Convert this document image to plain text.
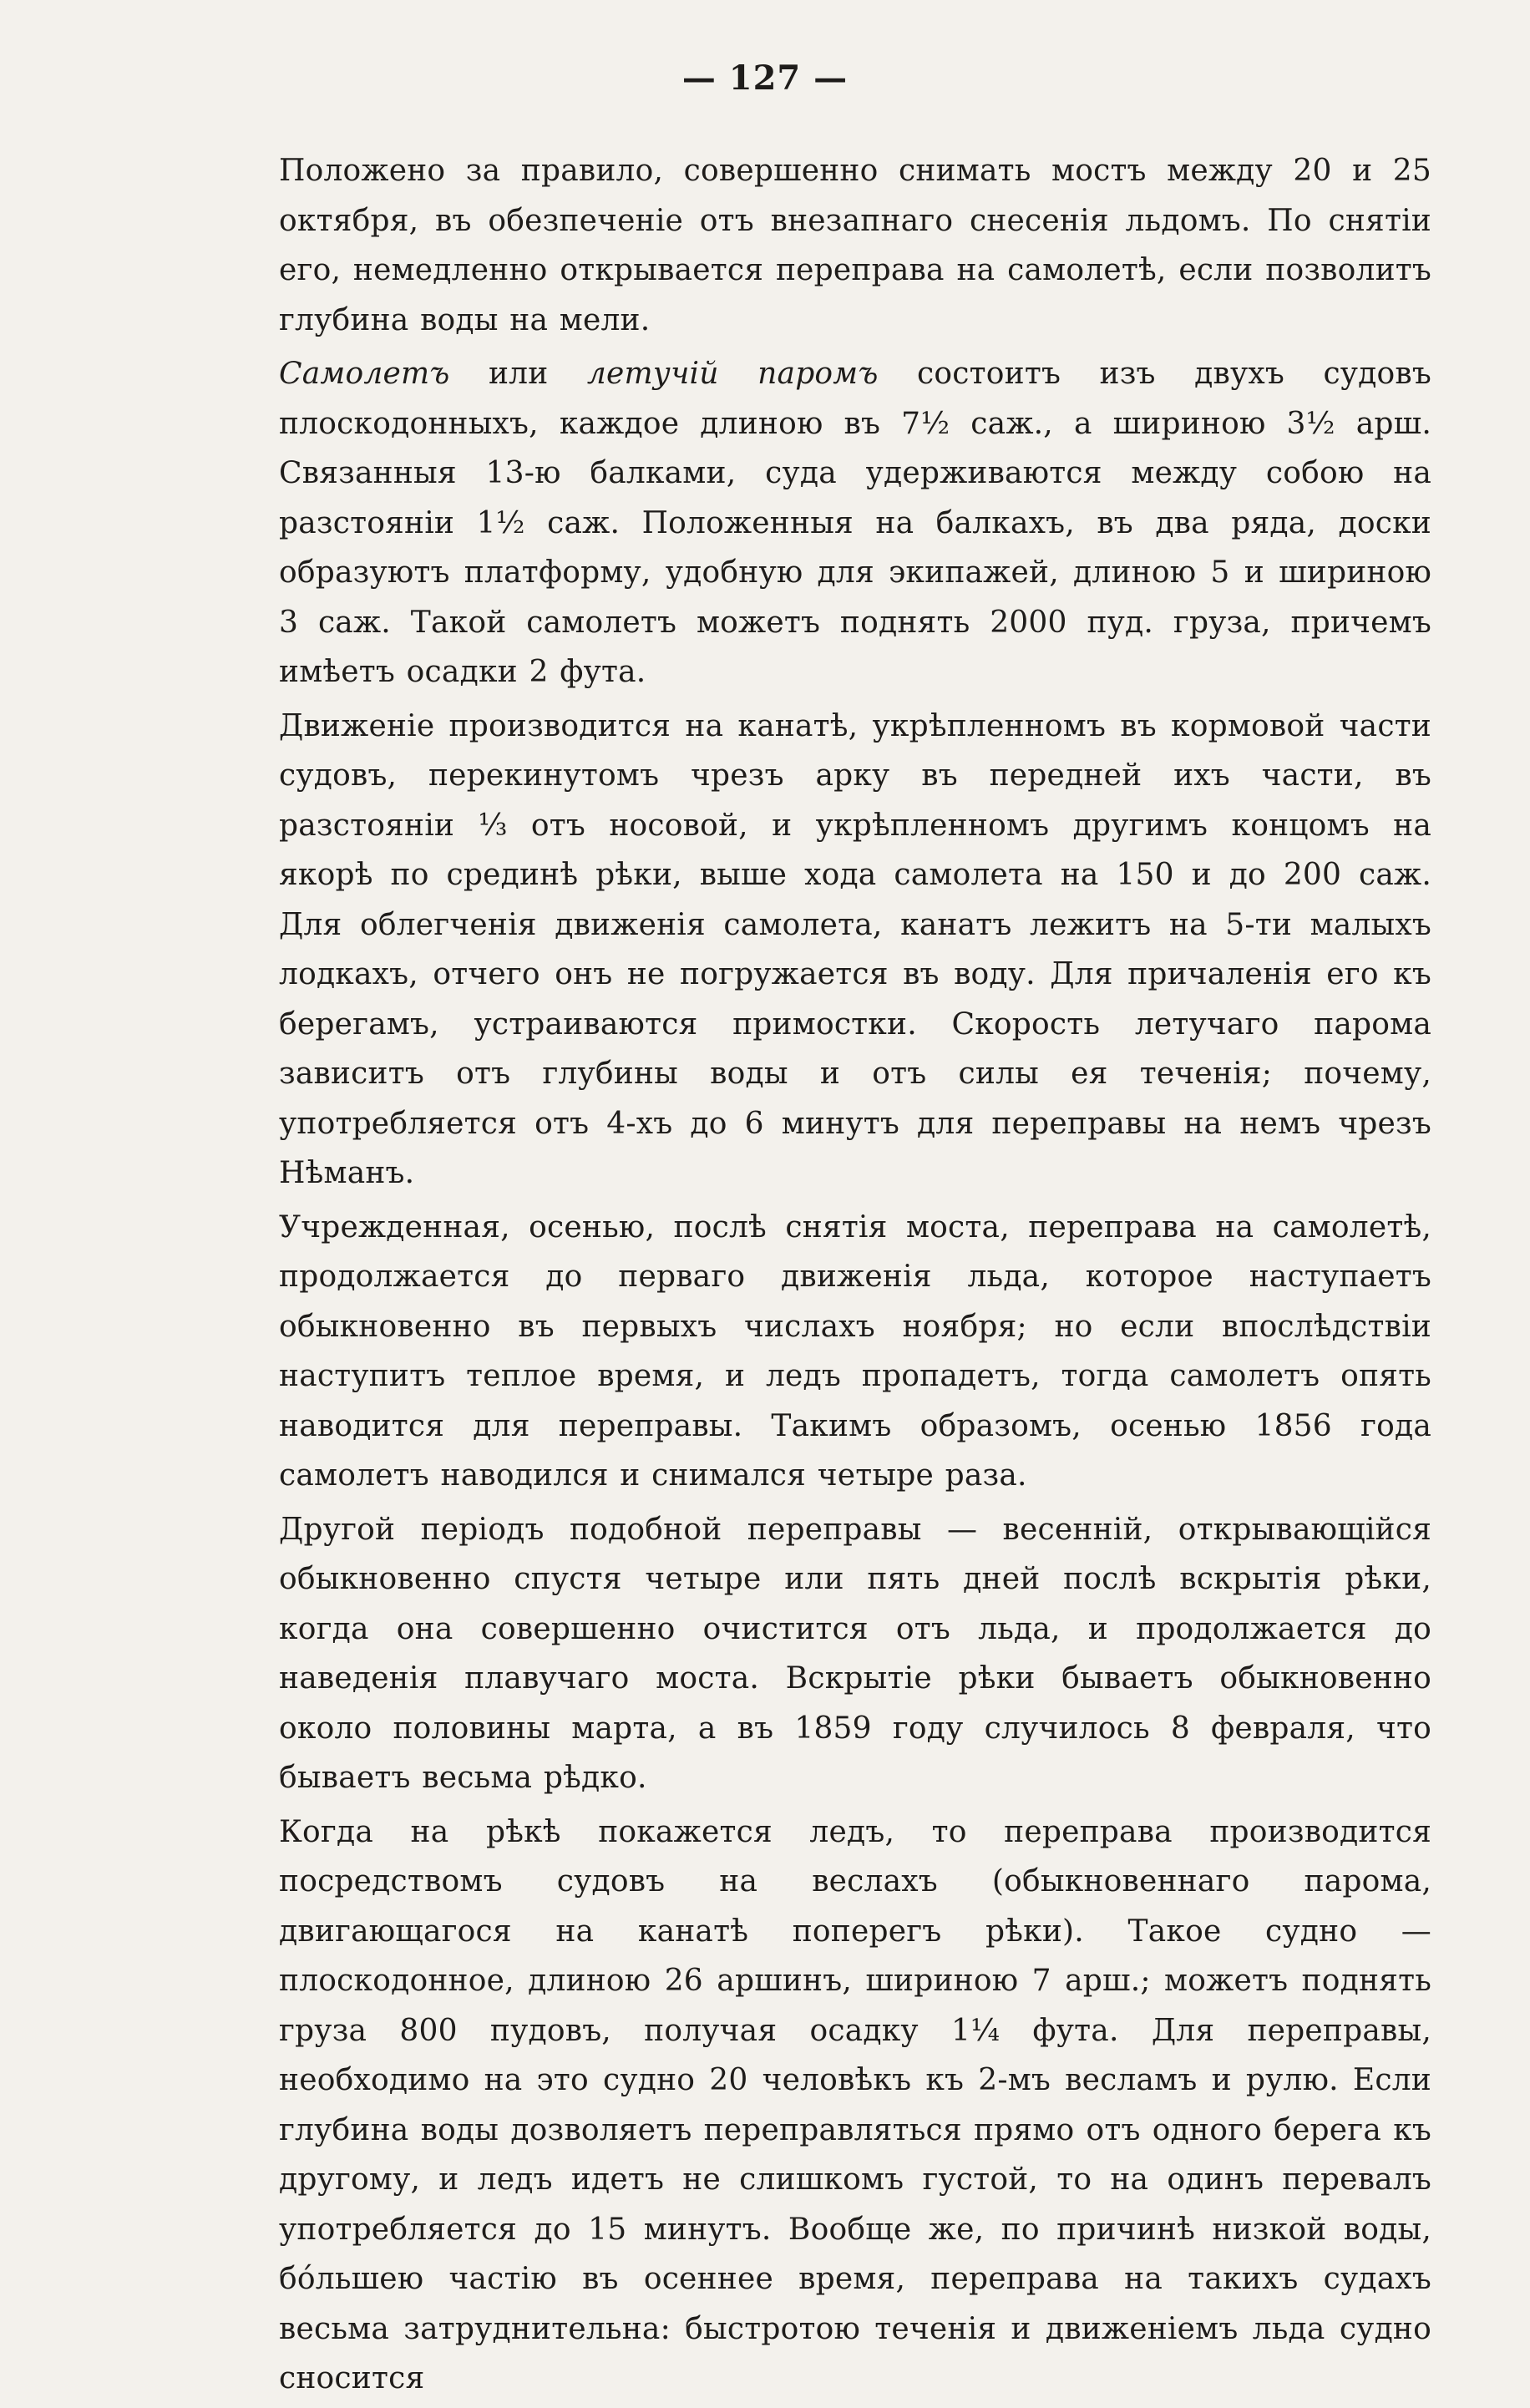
— 127 —

Положено за правило, совершенно снимать мостъ между 20 и 25 октября, въ обезпеченіе отъ внезапнаго снесенія льдомъ. По снятіи его, немедленно открывается переправа на самолетѣ, если позволитъ глубина воды на мели.

Самолетъ или летучій паромъ состоитъ изъ двухъ судовъ плоскодонныхъ, каждое длиною въ 7½ саж., а шириною 3½ арш. Связанныя 13-ю балками, суда удерживаются между собою на разстояніи 1½ саж. Положенныя на балкахъ, въ два ряда, доски образуютъ платформу, удобную для экипажей, длиною 5 и шириною 3 саж. Такой самолетъ можетъ поднять 2000 пуд. груза, причемъ имѣетъ осадки 2 фута.

Движеніе производится на канатѣ, укрѣпленномъ въ кормовой части судовъ, перекинутомъ чрезъ арку въ передней ихъ части, въ разстояніи ⅓ отъ носовой, и укрѣпленномъ другимъ концомъ на якорѣ по срединѣ рѣки, выше хода самолета на 150 и до 200 саж. Для облегченія движенія самолета, канатъ лежитъ на 5-ти малыхъ лодкахъ, отчего онъ не погружается въ воду. Для причаленія его къ берегамъ, устраиваются примостки. Скорость летучаго парома зависитъ отъ глубины воды и отъ силы ея теченія; почему, употребляется отъ 4-хъ до 6 минутъ для переправы на немъ чрезъ Нѣманъ.

Учрежденная, осенью, послѣ снятія моста, переправа на самолетѣ, продолжается до перваго движенія льда, которое наступаетъ обыкновенно въ первыхъ числахъ ноября; но если впослѣдствіи наступитъ теплое время, и ледъ пропадетъ, тогда самолетъ опять наводится для переправы. Такимъ образомъ, осенью 1856 года самолетъ наводился и снимался четыре раза.

Другой періодъ подобной переправы — весенній, открывающійся обыкновенно спустя четыре или пять дней послѣ вскрытія рѣки, когда она совершенно очистится отъ льда, и продолжается до наведенія плавучаго моста. Вскрытіе рѣки бываетъ обыкновенно около половины марта, а въ 1859 году случилось 8 февраля, что бываетъ весьма рѣдко.

Когда на рѣкѣ покажется ледъ, то переправа производится посредствомъ судовъ на веслахъ (обыкновеннаго парома, двигающагося на канатѣ поперегъ рѣки). Такое судно — плоскодонное, длиною 26 аршинъ, шириною 7 арш.; можетъ поднять груза 800 пудовъ, получая осадку 1¼ фута. Для переправы, необходимо на это судно 20 человѣкъ къ 2-мъ весламъ и рулю. Если глубина воды дозволяетъ переправляться прямо отъ одного берега къ другому, и ледъ идетъ не слишкомъ густой, то на одинъ перевалъ употребляется до 15 минутъ. Вообще же, по причинѣ низкой воды, бóльшею частію въ осеннее время, переправа на такихъ судахъ весьма затруднительна: быстротою теченія и движеніемъ льда судно сносится
